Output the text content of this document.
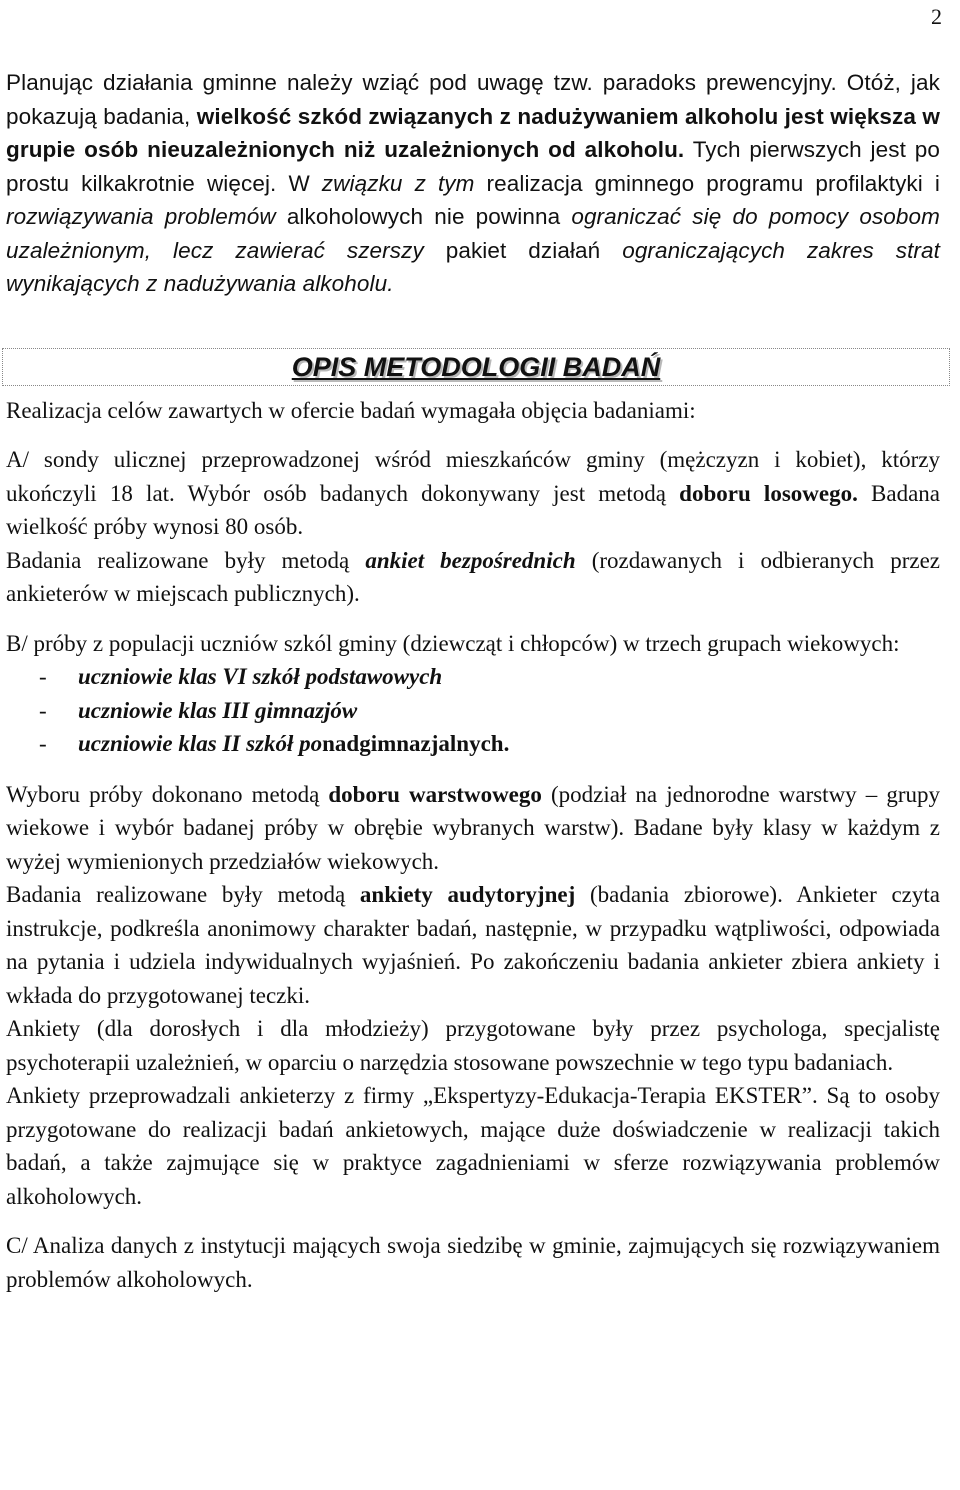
2

Planując działania gminne należy wziąć pod uwagę tzw. paradoks prewencyjny. Otóż, jak pokazują badania, wielkość szkód związanych z nadużywaniem alkoholu jest większa w grupie osób nieuzależnionych niż uzależnionych od alkoholu. Tych pierwszych jest po prostu kilkakrotnie więcej. W związku z tym realizacja gminnego programu profilaktyki i rozwiązywania problemów alkoholowych nie powinna ograniczać się do pomocy osobom uzależnionym, lecz zawierać szerszy pakiet działań ograniczających zakres strat wynikających z nadużywania alkoholu.

OPIS METODOLOGII BADAŃ

Realizacja celów zawartych w ofercie badań wymagała objęcia badaniami:

A/ sondy ulicznej przeprowadzonej wśród mieszkańców gminy (mężczyzn i kobiet), którzy ukończyli 18 lat. Wybór osób badanych dokonywany jest metodą doboru losowego. Badana wielkość próby wynosi 80 osób.

Badania realizowane były metodą ankiet bezpośrednich (rozdawanych i odbieranych przez ankieterów w miejscach publicznych).

B/ próby z populacji uczniów szkól gminy (dziewcząt i chłopców) w trzech grupach wiekowych:

-	uczniowie klas VI szkół podstawowych
-	uczniowie klas III gimnazjów
-	uczniowie klas II szkół ponadgimnazjalnych.

Wyboru próby dokonano metodą doboru warstwowego (podział na jednorodne warstwy – grupy wiekowe i wybór badanej próby w obrębie wybranych warstw). Badane były klasy w każdym z wyżej wymienionych przedziałów wiekowych.

Badania realizowane były metodą ankiety audytoryjnej (badania zbiorowe). Ankieter czyta instrukcje, podkreśla anonimowy charakter badań, następnie, w przypadku wątpliwości, odpowiada na pytania i udziela indywidualnych wyjaśnień. Po zakończeniu badania ankieter zbiera ankiety i wkłada do przygotowanej teczki.

Ankiety (dla dorosłych i dla młodzieży) przygotowane były przez psychologa, specjalistę psychoterapii uzależnień, w oparciu o narzędzia stosowane powszechnie w tego typu badaniach.

Ankiety przeprowadzali ankieterzy z firmy „Ekspertyzy-Edukacja-Terapia EKSTER”. Są to osoby przygotowane do realizacji badań ankietowych, mające duże doświadczenie w realizacji takich badań, a także zajmujące się w praktyce zagadnieniami w sferze rozwiązywania problemów alkoholowych.

C/ Analiza danych z instytucji mających swoja siedzibę w gminie, zajmujących się rozwiązywaniem problemów alkoholowych.
